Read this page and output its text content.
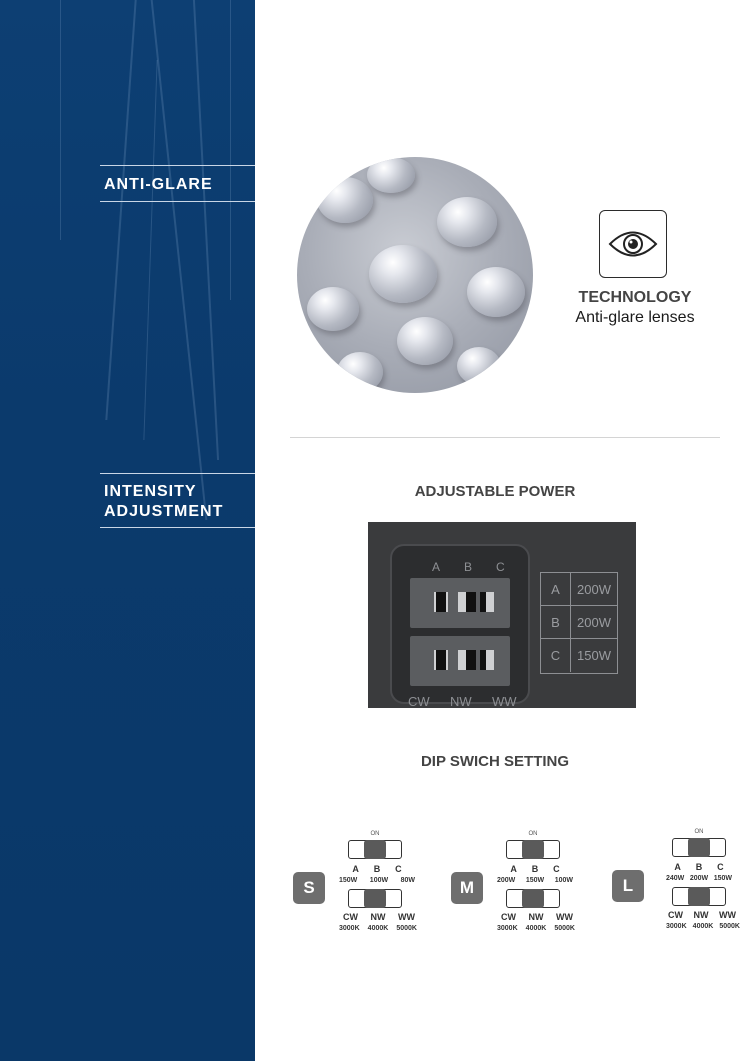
ANTI-GLARE
INTENSITY
ADJUSTMENT
TECHNOLOGY
Anti-glare lenses
ADJUSTABLE POWER
A B C
CW NW WW
A	200W
B	200W
C	150W
DIP SWICH SETTING
ON
A B C
150W 100W 80W
S
CW NW WW
3000K 4000K 5000K
ON
A B C
200W 150W 100W
M
CW NW WW
3000K 4000K 5000K
ON
A B C
240W 200W 150W
L
CW NW WW
3000K 4000K 5000K
